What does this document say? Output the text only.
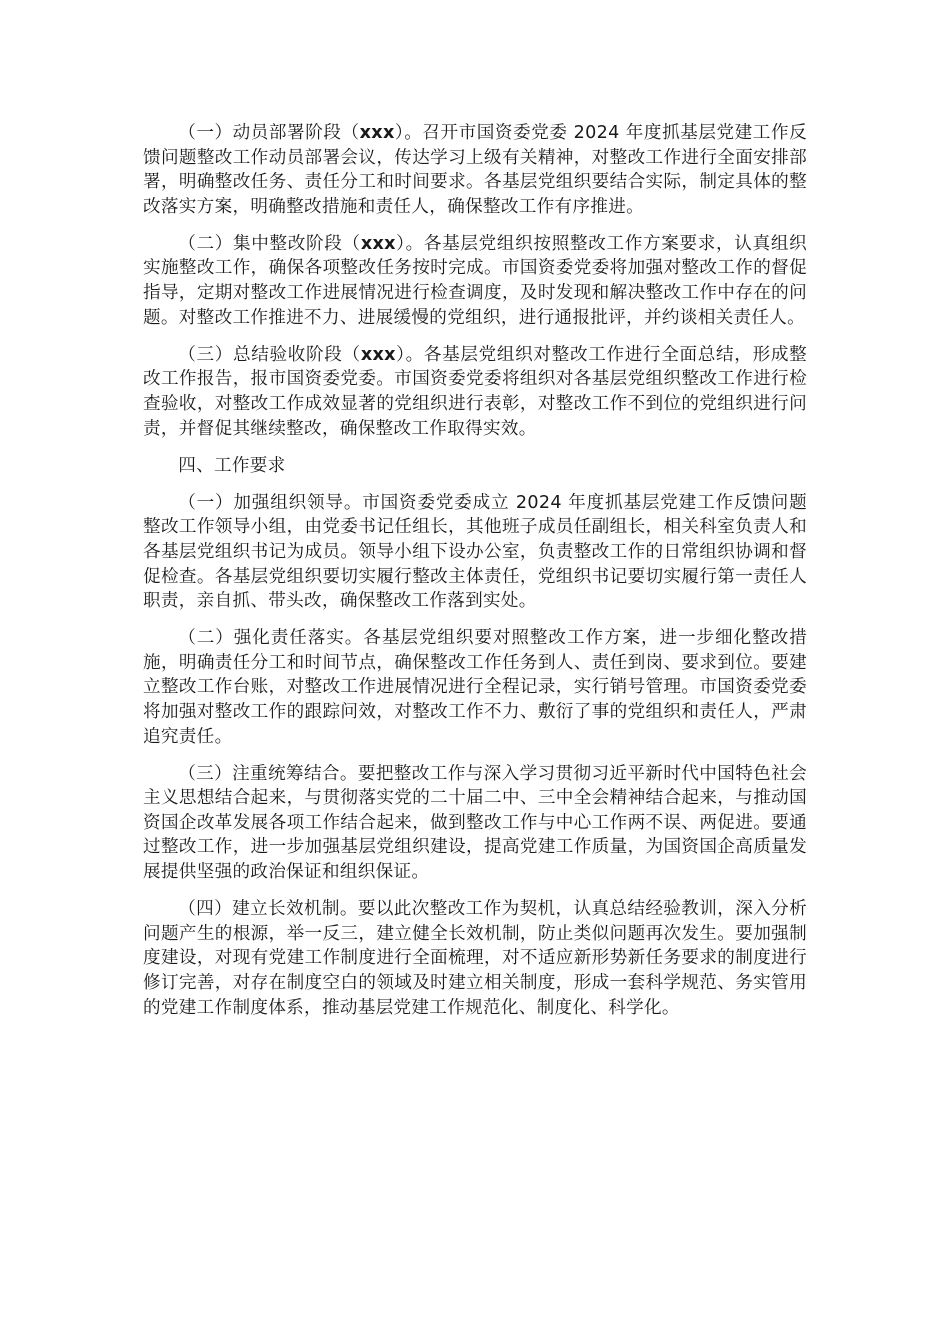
（一）动员部署阶段（xxx）。召开市国资委党委 2024 年度抓基层党建工作反馈问题整改工作动员部署会议，传达学习上级有关精神，对整改工作进行全面安排部署，明确整改任务、责任分工和时间要求。各基层党组织要结合实际，制定具体的整改落实方案，明确整改措施和责任人，确保整改工作有序推进。

（二）集中整改阶段（xxx）。各基层党组织按照整改工作方案要求，认真组织实施整改工作，确保各项整改任务按时完成。市国资委党委将加强对整改工作的督促指导，定期对整改工作进展情况进行检查调度，及时发现和解决整改工作中存在的问题。对整改工作推进不力、进展缓慢的党组织，进行通报批评，并约谈相关责任人。

（三）总结验收阶段（xxx）。各基层党组织对整改工作进行全面总结，形成整改工作报告，报市国资委党委。市国资委党委将组织对各基层党组织整改工作进行检查验收，对整改工作成效显著的党组织进行表彰，对整改工作不到位的党组织进行问责，并督促其继续整改，确保整改工作取得实效。

四、工作要求

（一）加强组织领导。市国资委党委成立 2024 年度抓基层党建工作反馈问题整改工作领导小组，由党委书记任组长，其他班子成员任副组长，相关科室负责人和各基层党组织书记为成员。领导小组下设办公室，负责整改工作的日常组织协调和督促检查。各基层党组织要切实履行整改主体责任，党组织书记要切实履行第一责任人职责，亲自抓、带头改，确保整改工作落到实处。

（二）强化责任落实。各基层党组织要对照整改工作方案，进一步细化整改措施，明确责任分工和时间节点，确保整改工作任务到人、责任到岗、要求到位。要建立整改工作台账，对整改工作进展情况进行全程记录，实行销号管理。市国资委党委将加强对整改工作的跟踪问效，对整改工作不力、敷衍了事的党组织和责任人，严肃追究责任。

（三）注重统筹结合。要把整改工作与深入学习贯彻习近平新时代中国特色社会主义思想结合起来，与贯彻落实党的二十届二中、三中全会精神结合起来，与推动国资国企改革发展各项工作结合起来，做到整改工作与中心工作两不误、两促进。要通过整改工作，进一步加强基层党组织建设，提高党建工作质量，为国资国企高质量发展提供坚强的政治保证和组织保证。

（四）建立长效机制。要以此次整改工作为契机，认真总结经验教训，深入分析问题产生的根源，举一反三，建立健全长效机制，防止类似问题再次发生。要加强制度建设，对现有党建工作制度进行全面梳理，对不适应新形势新任务要求的制度进行修订完善，对存在制度空白的领域及时建立相关制度，形成一套科学规范、务实管用的党建工作制度体系，推动基层党建工作规范化、制度化、科学化。
